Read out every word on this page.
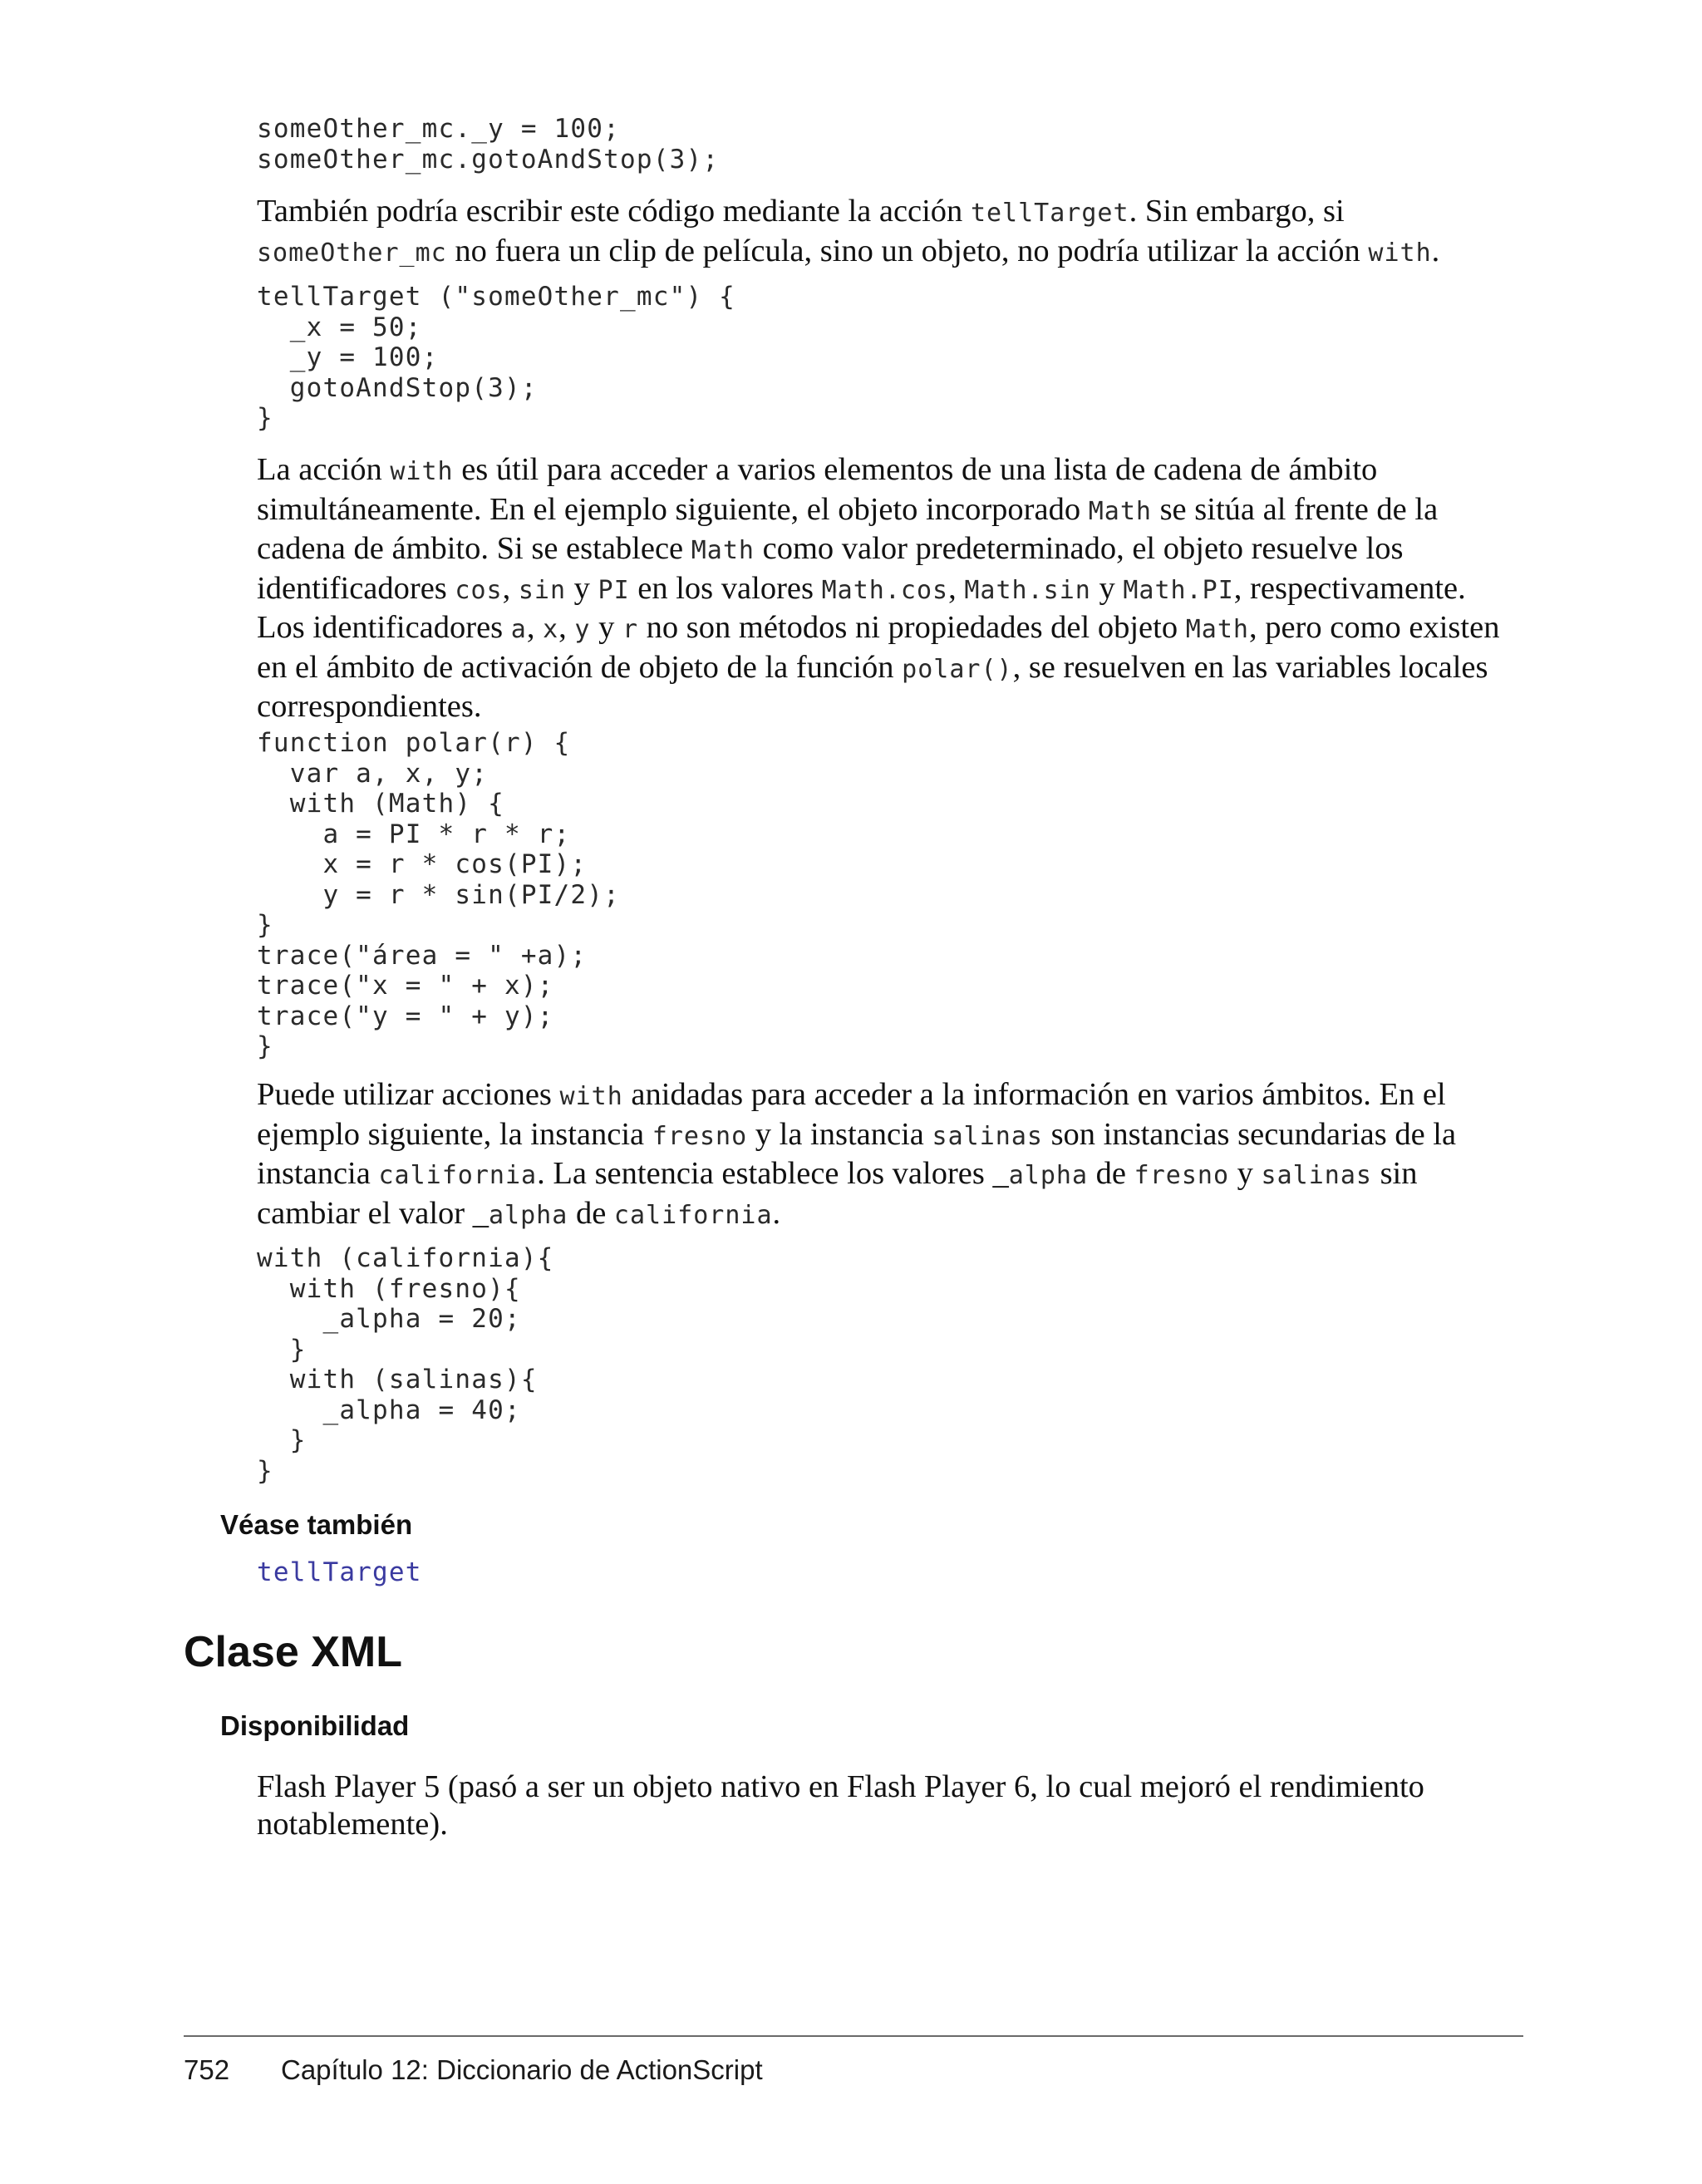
someOther_mc._y = 100;
someOther_mc.gotoAndStop(3);

También podría escribir este código mediante la acción tellTarget. Sin embargo, si someOther_mc no fuera un clip de película, sino un objeto, no podría utilizar la acción with.

tellTarget ("someOther_mc") {
_x = 50;
_y = 100;
gotoAndStop(3);
}

La acción with es útil para acceder a varios elementos de una lista de cadena de ámbito simultáneamente. En el ejemplo siguiente, el objeto incorporado Math se sitúa al frente de la cadena de ámbito. Si se establece Math como valor predeterminado, el objeto resuelve los identificadores cos, sin y PI en los valores Math.cos, Math.sin y Math.PI, respectivamente. Los identificadores a, x, y y r no son métodos ni propiedades del objeto Math, pero como existen en el ámbito de activación de objeto de la función polar(), se resuelven en las variables locales correspondientes.

function polar(r) {
var a, x, y;
with (Math) {
a = PI * r * r;
x = r * cos(PI);
y = r * sin(PI/2);
}
trace("área = " +a);
trace("x = " + x);
trace("y = " + y);
}

Puede utilizar acciones with anidadas para acceder a la información en varios ámbitos. En el ejemplo siguiente, la instancia fresno y la instancia salinas son instancias secundarias de la instancia california. La sentencia establece los valores _alpha de fresno y salinas sin cambiar el valor _alpha de california.

with (california){
with (fresno){
_alpha = 20;
}
with (salinas){
_alpha = 40;
}
}
Véase también
tellTarget
Clase XML
Disponibilidad

Flash Player 5 (pasó a ser un objeto nativo en Flash Player 6, lo cual mejoró el rendimiento notablemente).

752 Capítulo 12: Diccionario de ActionScript
